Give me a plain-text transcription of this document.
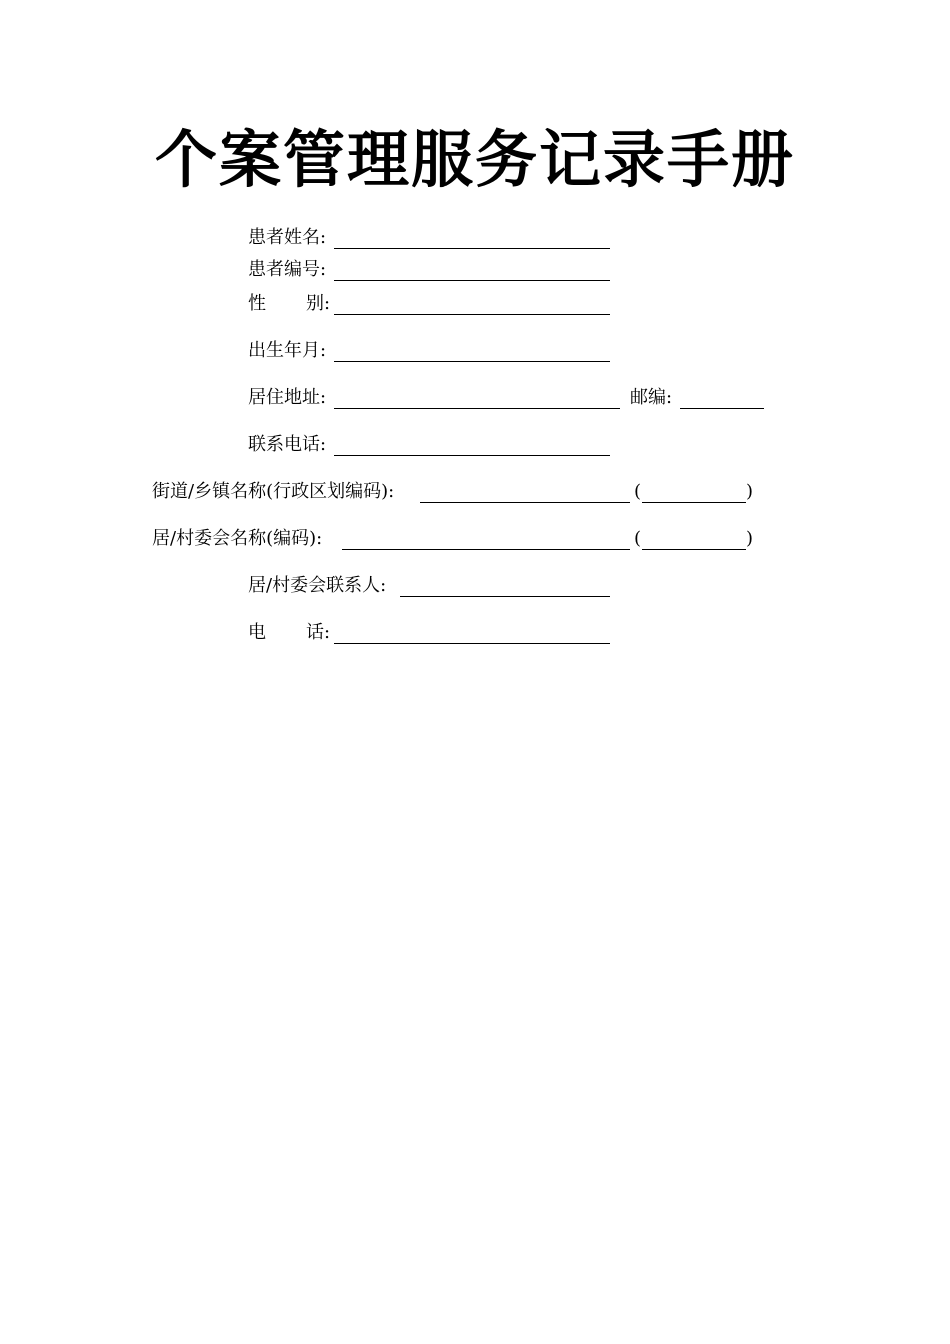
个案管理服务记录手册
患者姓名:
患者编号:
性 别:
出生年月:
居住地址:	邮编:
联系电话:
街道/乡镇名称(行政区划编码):	(	)
居/村委会名称(编码):	(	)
居/村委会联系人:
电 话:
